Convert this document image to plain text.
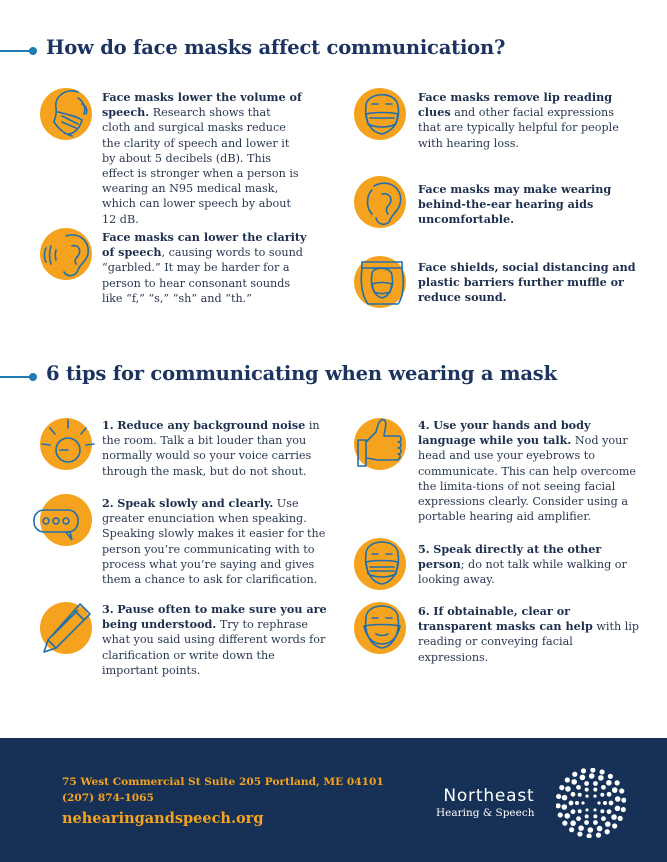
How do face masks affect communication?
Face masks lower the volume of speech. Research shows that cloth and surgical masks reduce the clarity of speech and lower it by about 5 decibels (dB). This effect is stronger when a person is wearing an N95 medical mask, which can lower speech by about 12 dB.
Face masks can lower the clarity of speech, causing words to sound “garbled.” It may be harder for a person to hear consonant sounds like “f,” “s,” “sh” and “th.”
Face masks remove lip reading clues and other facial expressions that are typically helpful for people with hearing loss.
Face masks may make wearing behind-the-ear hearing aids uncomfortable.
Face shields, social distancing and plastic barriers further muffle or reduce sound.
6 tips for communicating when wearing a mask
1. Reduce any background noise in the room. Talk a bit louder than you normally would so your voice carries through the mask, but do not shout.
2. Speak slowly and clearly. Use greater enunciation when speaking. Speaking slowly makes it easier for the person you’re communicating with to process what you’re saying and gives them a chance to ask for clarification.
3. Pause often to make sure you are being understood. Try to rephrase what you said using different words for clarification or write down the important points.
4. Use your hands and body language while you talk. Nod your head and use your eyebrows to communicate. This can help overcome the limita-tions of not seeing facial expressions clearly. Consider using a portable hearing aid amplifier.
5. Speak directly at the other person; do not talk while walking or looking away.
6. If obtainable, clear or transparent masks can help with lip reading or conveying facial expressions.
75 West Commercial St Suite 205 Portland, ME 04101
(207) 874-1065
nehearingandspeech.org
Northeast
Hearing & Speech
